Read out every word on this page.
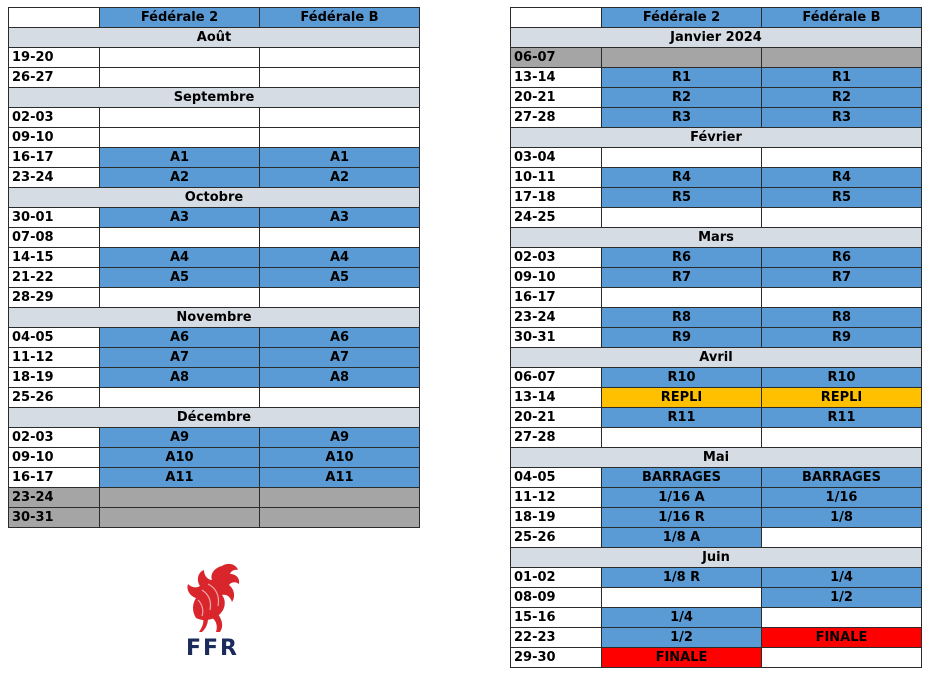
	Fédérale 2	Fédérale B
Août		
19-20		
26-27		
Septembre		
02-03		
09-10		
16-17	A1	A1
23-24	A2	A2
Octobre		
30-01	A3	A3
07-08		
14-15	A4	A4
21-22	A5	A5
28-29		
Novembre		
04-05	A6	A6
11-12	A7	A7
18-19	A8	A8
25-26		
Décembre		
02-03	A9	A9
09-10	A10	A10
16-17	A11	A11
23-24		
30-31		
	Fédérale 2	Fédérale B
Janvier 2024		
06-07		
13-14	R1	R1
20-21	R2	R2
27-28	R3	R3
Février		
03-04		
10-11	R4	R4
17-18	R5	R5
24-25		
Mars		
02-03	R6	R6
09-10	R7	R7
16-17		
23-24	R8	R8
30-31	R9	R9
Avril		
06-07	R10	R10
13-14	REPLI	REPLI
20-21	R11	R11
27-28		
Mai		
04-05	BARRAGES	BARRAGES
11-12	1/16 A	1/16
18-19	1/16 R	1/8
25-26	1/8 A	
Juin		
01-02	1/8 R	1/4
08-09		1/2
15-16	1/4	
22-23	1/2	FINALE
29-30	FINALE	
FFR
